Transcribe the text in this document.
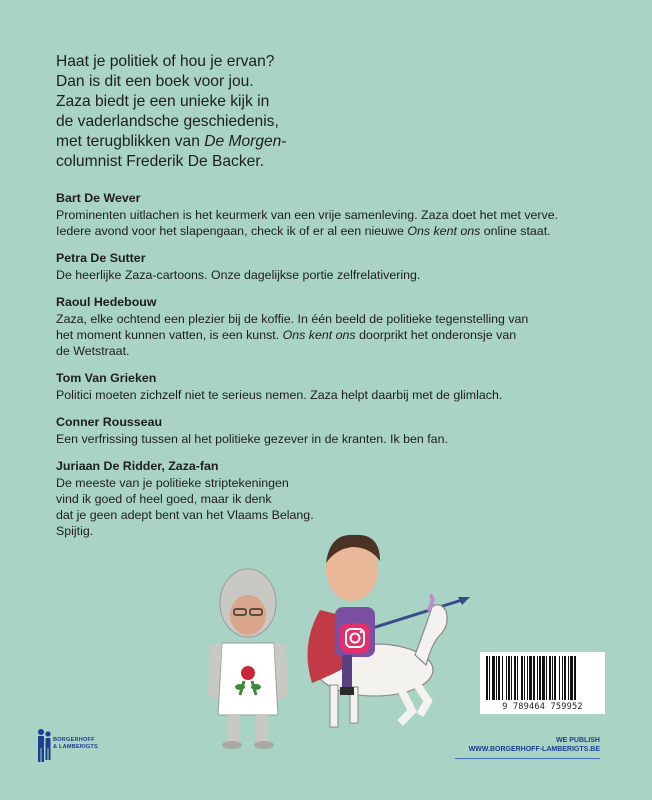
Haat je politiek of hou je ervan?
Dan is dit een boek voor jou.
Zaza biedt je een unieke kijk in
de vaderlandsche geschiedenis,
met terugblikken van De Morgen-
columnist Frederik De Backer.
Bart De Wever
Prominenten uitlachen is het keurmerk van een vrije samenleving. Zaza doet het met verve.
Iedere avond voor het slapengaan, check ik of er al een nieuwe Ons kent ons online staat.
Petra De Sutter
De heerlijke Zaza-cartoons. Onze dagelijkse portie zelfrelativering.
Raoul Hedebouw
Zaza, elke ochtend een plezier bij de koffie. In één beeld de politieke tegenstelling van
het moment kunnen vatten, is een kunst. Ons kent ons doorprikt het onderonsje van
de Wetstraat.
Tom Van Grieken
Politici moeten zichzelf niet te serieus nemen. Zaza helpt daarbij met de glimlach.
Conner Rousseau
Een verfrissing tussen al het politieke gezever in de kranten. Ik ben fan.
Juriaan De Ridder, Zaza-fan
De meeste van je politieke striptekeningen
vind ik goed of heel goed, maar ik denk
dat je geen adept bent van het Vlaams Belang.
Spijtig.
9 789464 759952
BORGERHOFF
& LAMBERIGTS
WE PUBLISH
WWW.BORGERHOFF-LAMBERIGTS.BE
